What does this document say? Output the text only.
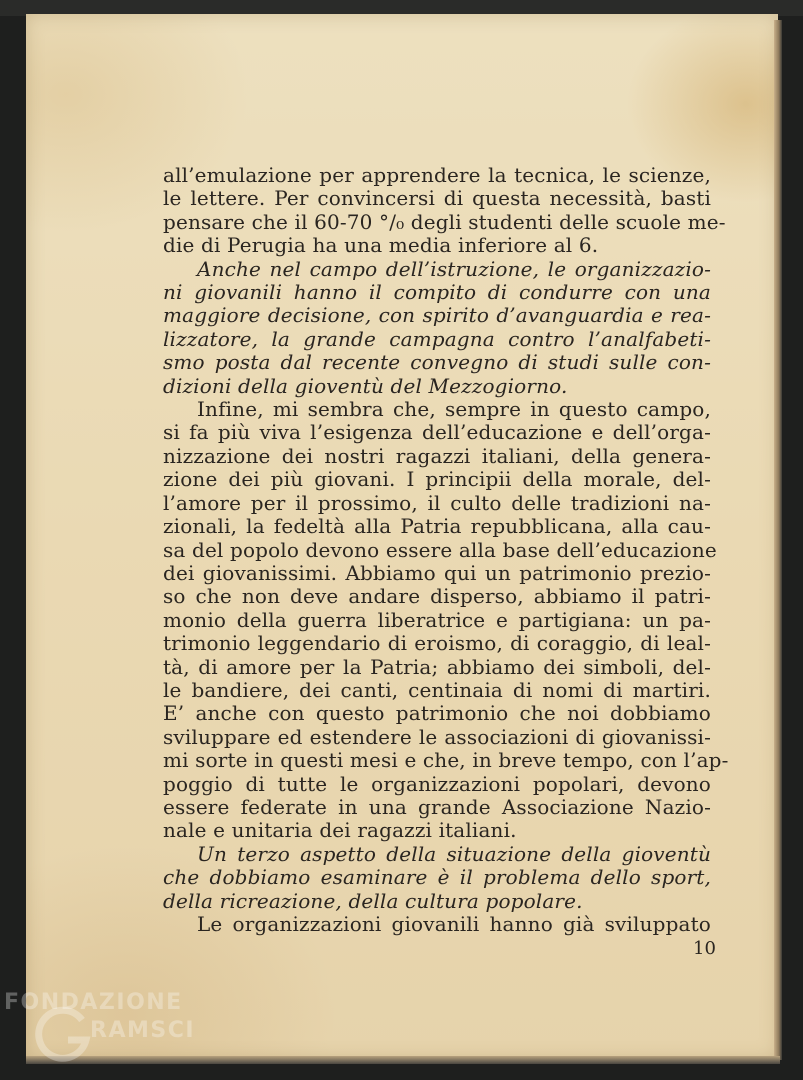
all’emulazione per apprendere la tecnica, le scienze,
le lettere. Per convincersi di questa necessità, basti
pensare che il 60-70 °/₀ degli studenti delle scuole me-
die di Perugia ha una media inferiore al 6.
Anche nel campo dell’istruzione, le organizzazio-
ni giovanili hanno il compito di condurre con una
maggiore decisione, con spirito d’avanguardia e rea-
lizzatore, la grande campagna contro l’analfabeti-
smo posta dal recente convegno di studi sulle con-
dizioni della gioventù del Mezzogiorno.
Infine, mi sembra che, sempre in questo campo,
si fa più viva l’esigenza dell’educazione e dell’orga-
nizzazione dei nostri ragazzi italiani, della genera-
zione dei più giovani. I principii della morale, del-
l’amore per il prossimo, il culto delle tradizioni na-
zionali, la fedeltà alla Patria repubblicana, alla cau-
sa del popolo devono essere alla base dell’educazione
dei giovanissimi. Abbiamo qui un patrimonio prezio-
so che non deve andare disperso, abbiamo il patri-
monio della guerra liberatrice e partigiana: un pa-
trimonio leggendario di eroismo, di coraggio, di leal-
tà, di amore per la Patria; abbiamo dei simboli, del-
le bandiere, dei canti, centinaia di nomi di martiri.
E’ anche con questo patrimonio che noi dobbiamo
sviluppare ed estendere le associazioni di giovanissi-
mi sorte in questi mesi e che, in breve tempo, con l’ap-
poggio di tutte le organizzazioni popolari, devono
essere federate in una grande Associazione Nazio-
nale e unitaria dei ragazzi italiani.
Un terzo aspetto della situazione della gioventù
che dobbiamo esaminare è il problema dello sport,
della ricreazione, della cultura popolare.
Le organizzazioni giovanili hanno già sviluppato
10
FONDAZIONE
RAMSCI
